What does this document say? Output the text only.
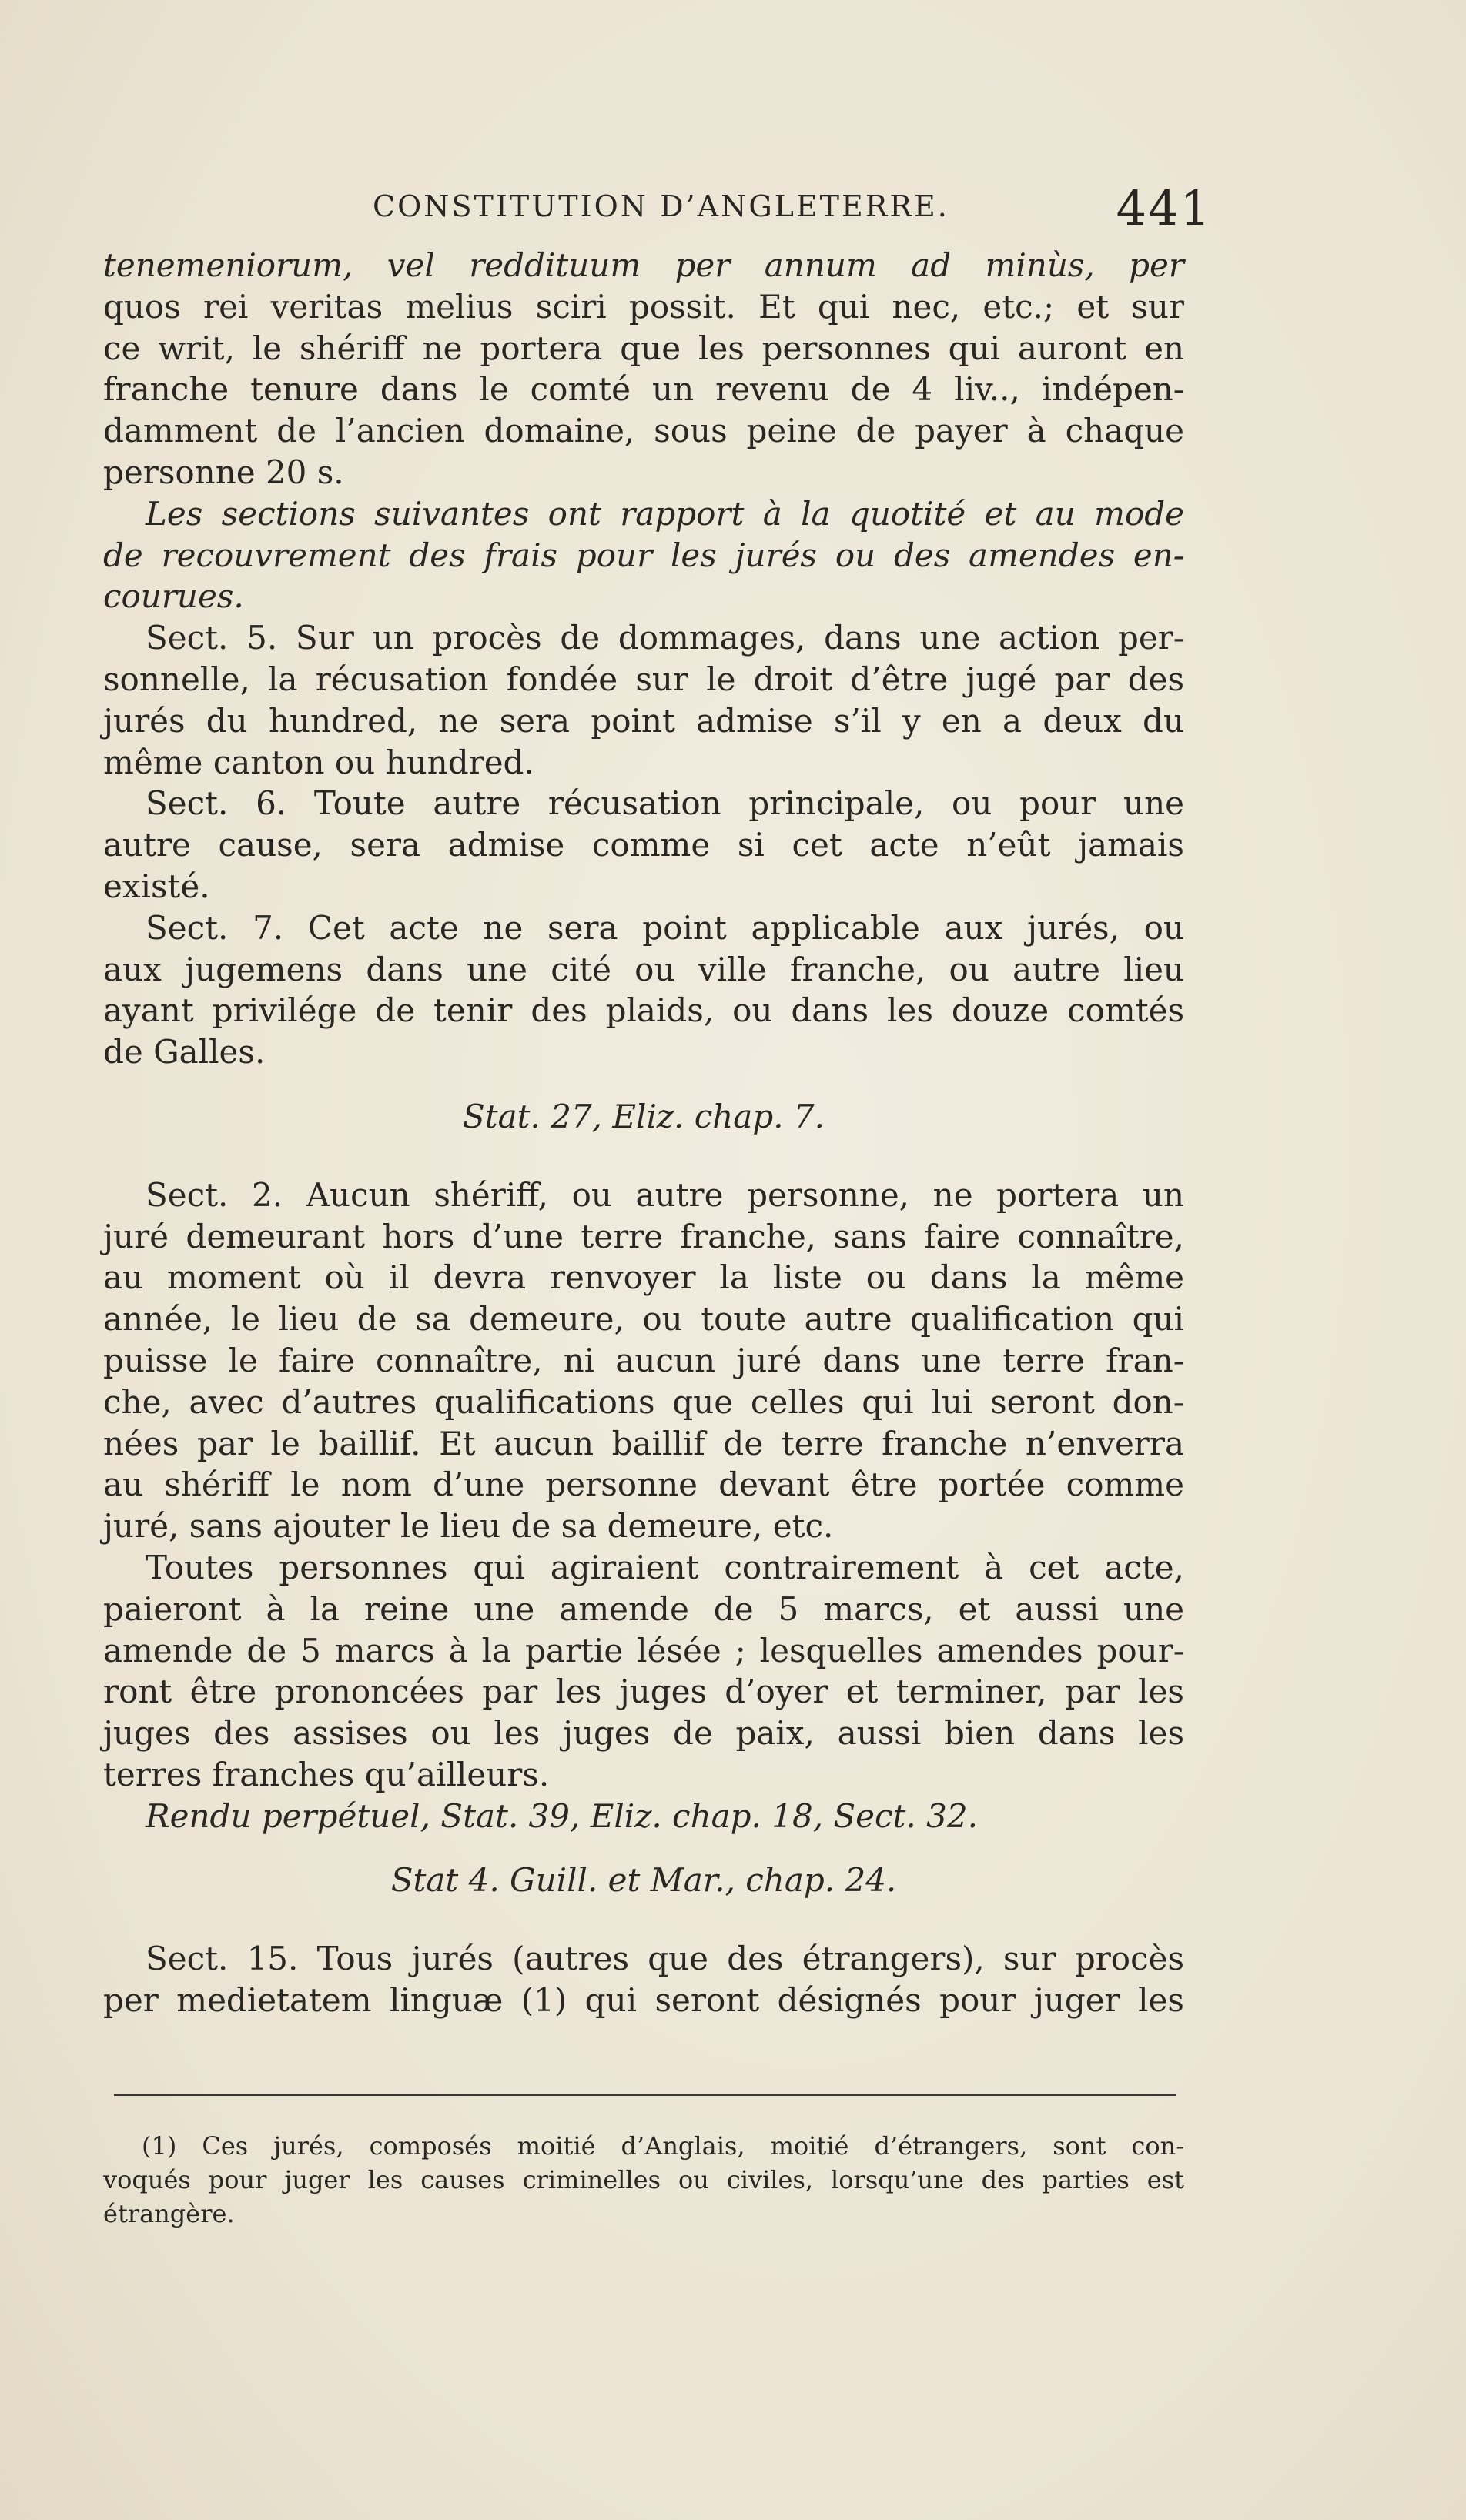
CONSTITUTION D’ANGLETERRE.	441
tenemeniorum, vel reddituum per annum ad minùs, per
quos rei veritas melius sciri possit. Et qui nec, etc.; et sur
ce writ, le shériff ne portera que les personnes qui auront en
franche tenure dans le comté un revenu de 4 liv.., indépen-
damment de l’ancien domaine, sous peine de payer à chaque
personne 20 s.
Les sections suivantes ont rapport à la quotité et au mode
de recouvrement des frais pour les jurés ou des amendes en-
courues.
Sect. 5. Sur un procès de dommages, dans une action per-
sonnelle, la récusation fondée sur le droit d’être jugé par des
jurés du hundred, ne sera point admise s’il y en a deux du
même canton ou hundred.
Sect. 6. Toute autre récusation principale, ou pour une
autre cause, sera admise comme si cet acte n’eût jamais
existé.
Sect. 7. Cet acte ne sera point applicable aux jurés, ou
aux jugemens dans une cité ou ville franche, ou autre lieu
ayant privilége de tenir des plaids, ou dans les douze comtés
de Galles.
Stat. 27, Eliz. chap. 7.
Sect. 2. Aucun shériff, ou autre personne, ne portera un
juré demeurant hors d’une terre franche, sans faire connaître,
au moment où il devra renvoyer la liste ou dans la même
année, le lieu de sa demeure, ou toute autre qualification qui
puisse le faire connaître, ni aucun juré dans une terre fran-
che, avec d’autres qualifications que celles qui lui seront don-
nées par le baillif. Et aucun baillif de terre franche n’enverra
au shériff le nom d’une personne devant être portée comme
juré, sans ajouter le lieu de sa demeure, etc.
Toutes personnes qui agiraient contrairement à cet acte,
paieront à la reine une amende de 5 marcs, et aussi une
amende de 5 marcs à la partie lésée ; lesquelles amendes pour-
ront être prononcées par les juges d’oyer et terminer, par les
juges des assises ou les juges de paix, aussi bien dans les
terres franches qu’ailleurs.
Rendu perpétuel, Stat. 39, Eliz. chap. 18, Sect. 32.
Stat 4. Guill. et Mar., chap. 24.
Sect. 15. Tous jurés (autres que des étrangers), sur procès
per medietatem linguæ (1) qui seront désignés pour juger les
(1) Ces jurés, composés moitié d’Anglais, moitié d’étrangers, sont con-
voqués pour juger les causes criminelles ou civiles, lorsqu’une des parties est
étrangère.
